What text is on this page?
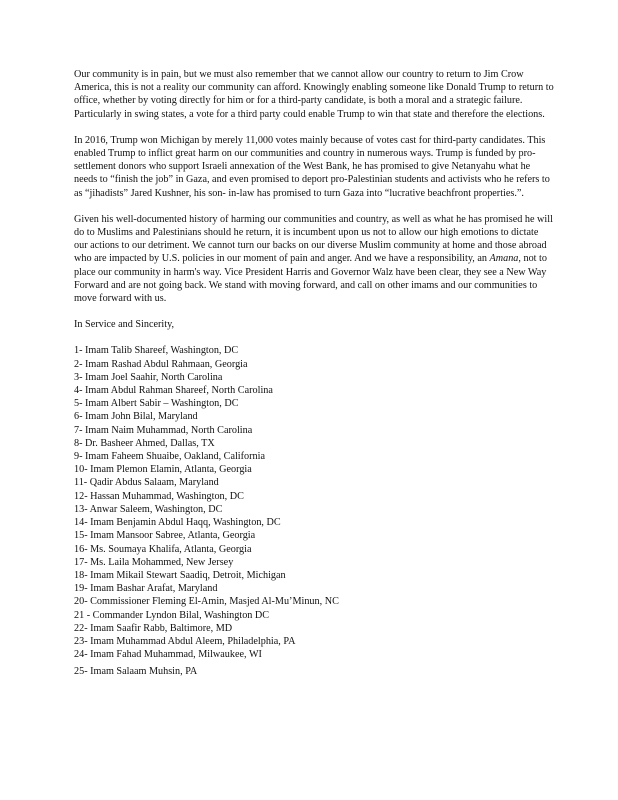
Our community is in pain, but we must also remember that we cannot allow our country to return to Jim Crow America, this is not a reality our community can afford. Knowingly enabling someone like Donald Trump to return to office, whether by voting directly for him or for a third-party candidate, is both a moral and a strategic failure. Particularly in swing states, a vote for a third party could enable Trump to win that state and therefore the elections.

In 2016, Trump won Michigan by merely 11,000 votes mainly because of votes cast for third-party candidates. This enabled Trump to inflict great harm on our communities and country in numerous ways. Trump is funded by pro-settlement donors who support Israeli annexation of the West Bank, he has promised to give Netanyahu what he needs to “finish the job” in Gaza, and even promised to deport pro-Palestinian students and activists who he refers to as “jihadists” Jared Kushner, his son- in-law has promised to turn Gaza into “lucrative beachfront properties.”.

Given his well-documented history of harming our communities and country, as well as what he has promised he will do to Muslims and Palestinians should he return, it is incumbent upon us not to allow our high emotions to dictate our actions to our detriment. We cannot turn our backs on our diverse Muslim community at home and those abroad who are impacted by U.S. policies in our moment of pain and anger. And we have a responsibility, an Amana, not to place our community in harm's way. Vice President Harris and Governor Walz have been clear, they see a New Way Forward and are not going back. We stand with moving forward, and call on other imams and our communities to move forward with us.

In Service and Sincerity,

1- Imam Talib Shareef, Washington, DC
2- Imam Rashad Abdul Rahmaan, Georgia
3- Imam Joel Saahir, North Carolina
4- Imam Abdul Rahman Shareef, North Carolina
5- Imam Albert Sabir – Washington, DC
6- Imam John Bilal, Maryland
7- Imam Naim Muhammad, North Carolina
8- Dr. Basheer Ahmed, Dallas, TX
9- Imam Faheem Shuaibe, Oakland, California
10- Imam Plemon Elamin, Atlanta, Georgia
11- Qadir Abdus Salaam, Maryland
12- Hassan Muhammad, Washington, DC
13- Anwar Saleem, Washington, DC
14- Imam Benjamin Abdul Haqq, Washington, DC
15- Imam Mansoor Sabree, Atlanta, Georgia
16- Ms. Soumaya Khalifa, Atlanta, Georgia
17- Ms. Laila Mohammed, New Jersey
18- Imam Mikail Stewart Saadiq, Detroit, Michigan
19- Imam Bashar Arafat, Maryland
20- Commissioner Fleming El-Amin, Masjed Al-Mu’Minun, NC
21 - Commander Lyndon Bilal, Washington DC
22- Imam Saafir Rabb, Baltimore, MD
23- Imam Muhammad Abdul Aleem, Philadelphia, PA
24- Imam Fahad Muhammad, Milwaukee, WI
25- Imam Salaam Muhsin, PA
